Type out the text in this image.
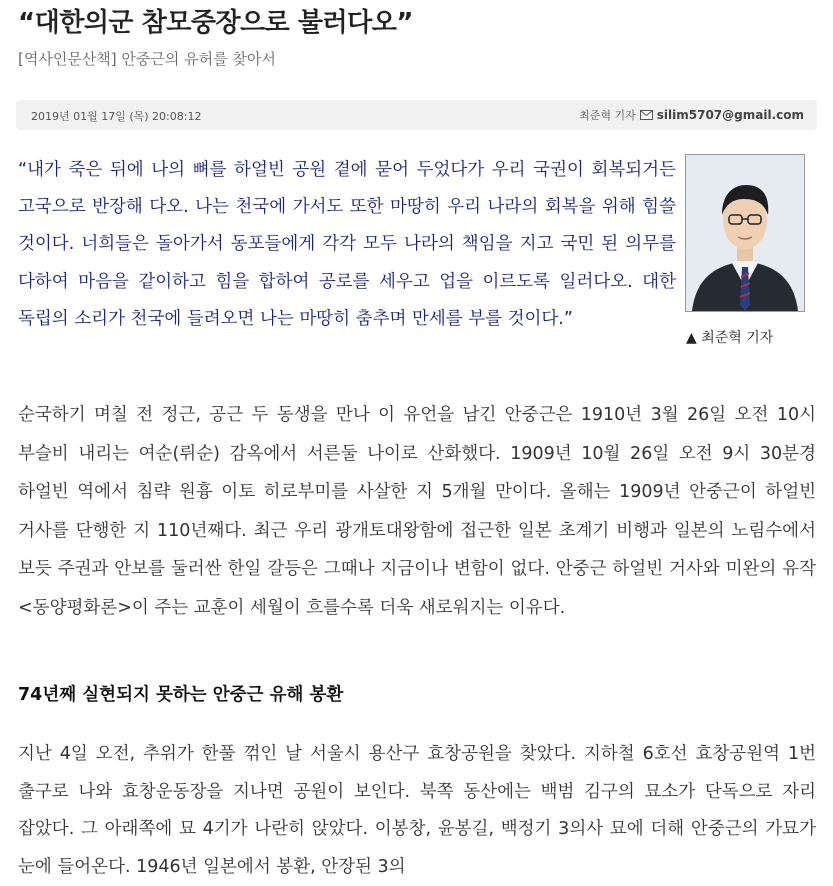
“대한의군 참모중장으로 불러다오”

[역사인문산책] 안중근의 유허를 찾아서

2019년 01월 17일 (목) 20:08:12	최준혁 기자 silim5707@gmail.com

“내가 죽은 뒤에 나의 뼈를 하얼빈 공원 곁에 묻어 두었다가 우리 국권이 회복되거든 고국으로 반장해 다오. 나는 천국에 가서도 또한 마땅히 우리 나라의 회복을 위해 힘쓸 것이다. 너희들은 돌아가서 동포들에게 각각 모두 나라의 책임을 지고 국민 된 의무를 다하여 마음을 같이하고 힘을 합하여 공로를 세우고 업을 이르도록 일러다오. 대한 독립의 소리가 천국에 들려오면 나는 마땅히 춤추며 만세를 부를 것이다.”

▲ 최준혁 기자

순국하기 며칠 전 정근, 공근 두 동생을 만나 이 유언을 남긴 안중근은 1910년 3월 26일 오전 10시 부슬비 내리는 여순(뤼순) 감옥에서 서른둘 나이로 산화했다. 1909년 10월 26일 오전 9시 30분경 하얼빈 역에서 침략 원흉 이토 히로부미를 사살한 지 5개월 만이다. 올해는 1909년 안중근이 하얼빈 거사를 단행한 지 110년째다. 최근 우리 광개토대왕함에 접근한 일본 초계기 비행과 일본의 노림수에서 보듯 주권과 안보를 둘러싼 한일 갈등은 그때나 지금이나 변함이 없다. 안중근 하얼빈 거사와 미완의 유작 <동양평화론>이 주는 교훈이 세월이 흐를수록 더욱 새로워지는 이유다.

74년째 실현되지 못하는 안중근 유해 봉환

지난 4일 오전, 추위가 한풀 꺾인 날 서울시 용산구 효창공원을 찾았다. 지하철 6호선 효창공원역 1번 출구로 나와 효창운동장을 지나면 공원이 보인다. 북쪽 동산에는 백범 김구의 묘소가 단독으로 자리 잡았다. 그 아래쪽에 묘 4기가 나란히 앉았다. 이봉창, 윤봉길, 백정기 3의사 묘에 더해 안중근의 가묘가 눈에 들어온다. 1946년 일본에서 봉환, 안장된 3의
